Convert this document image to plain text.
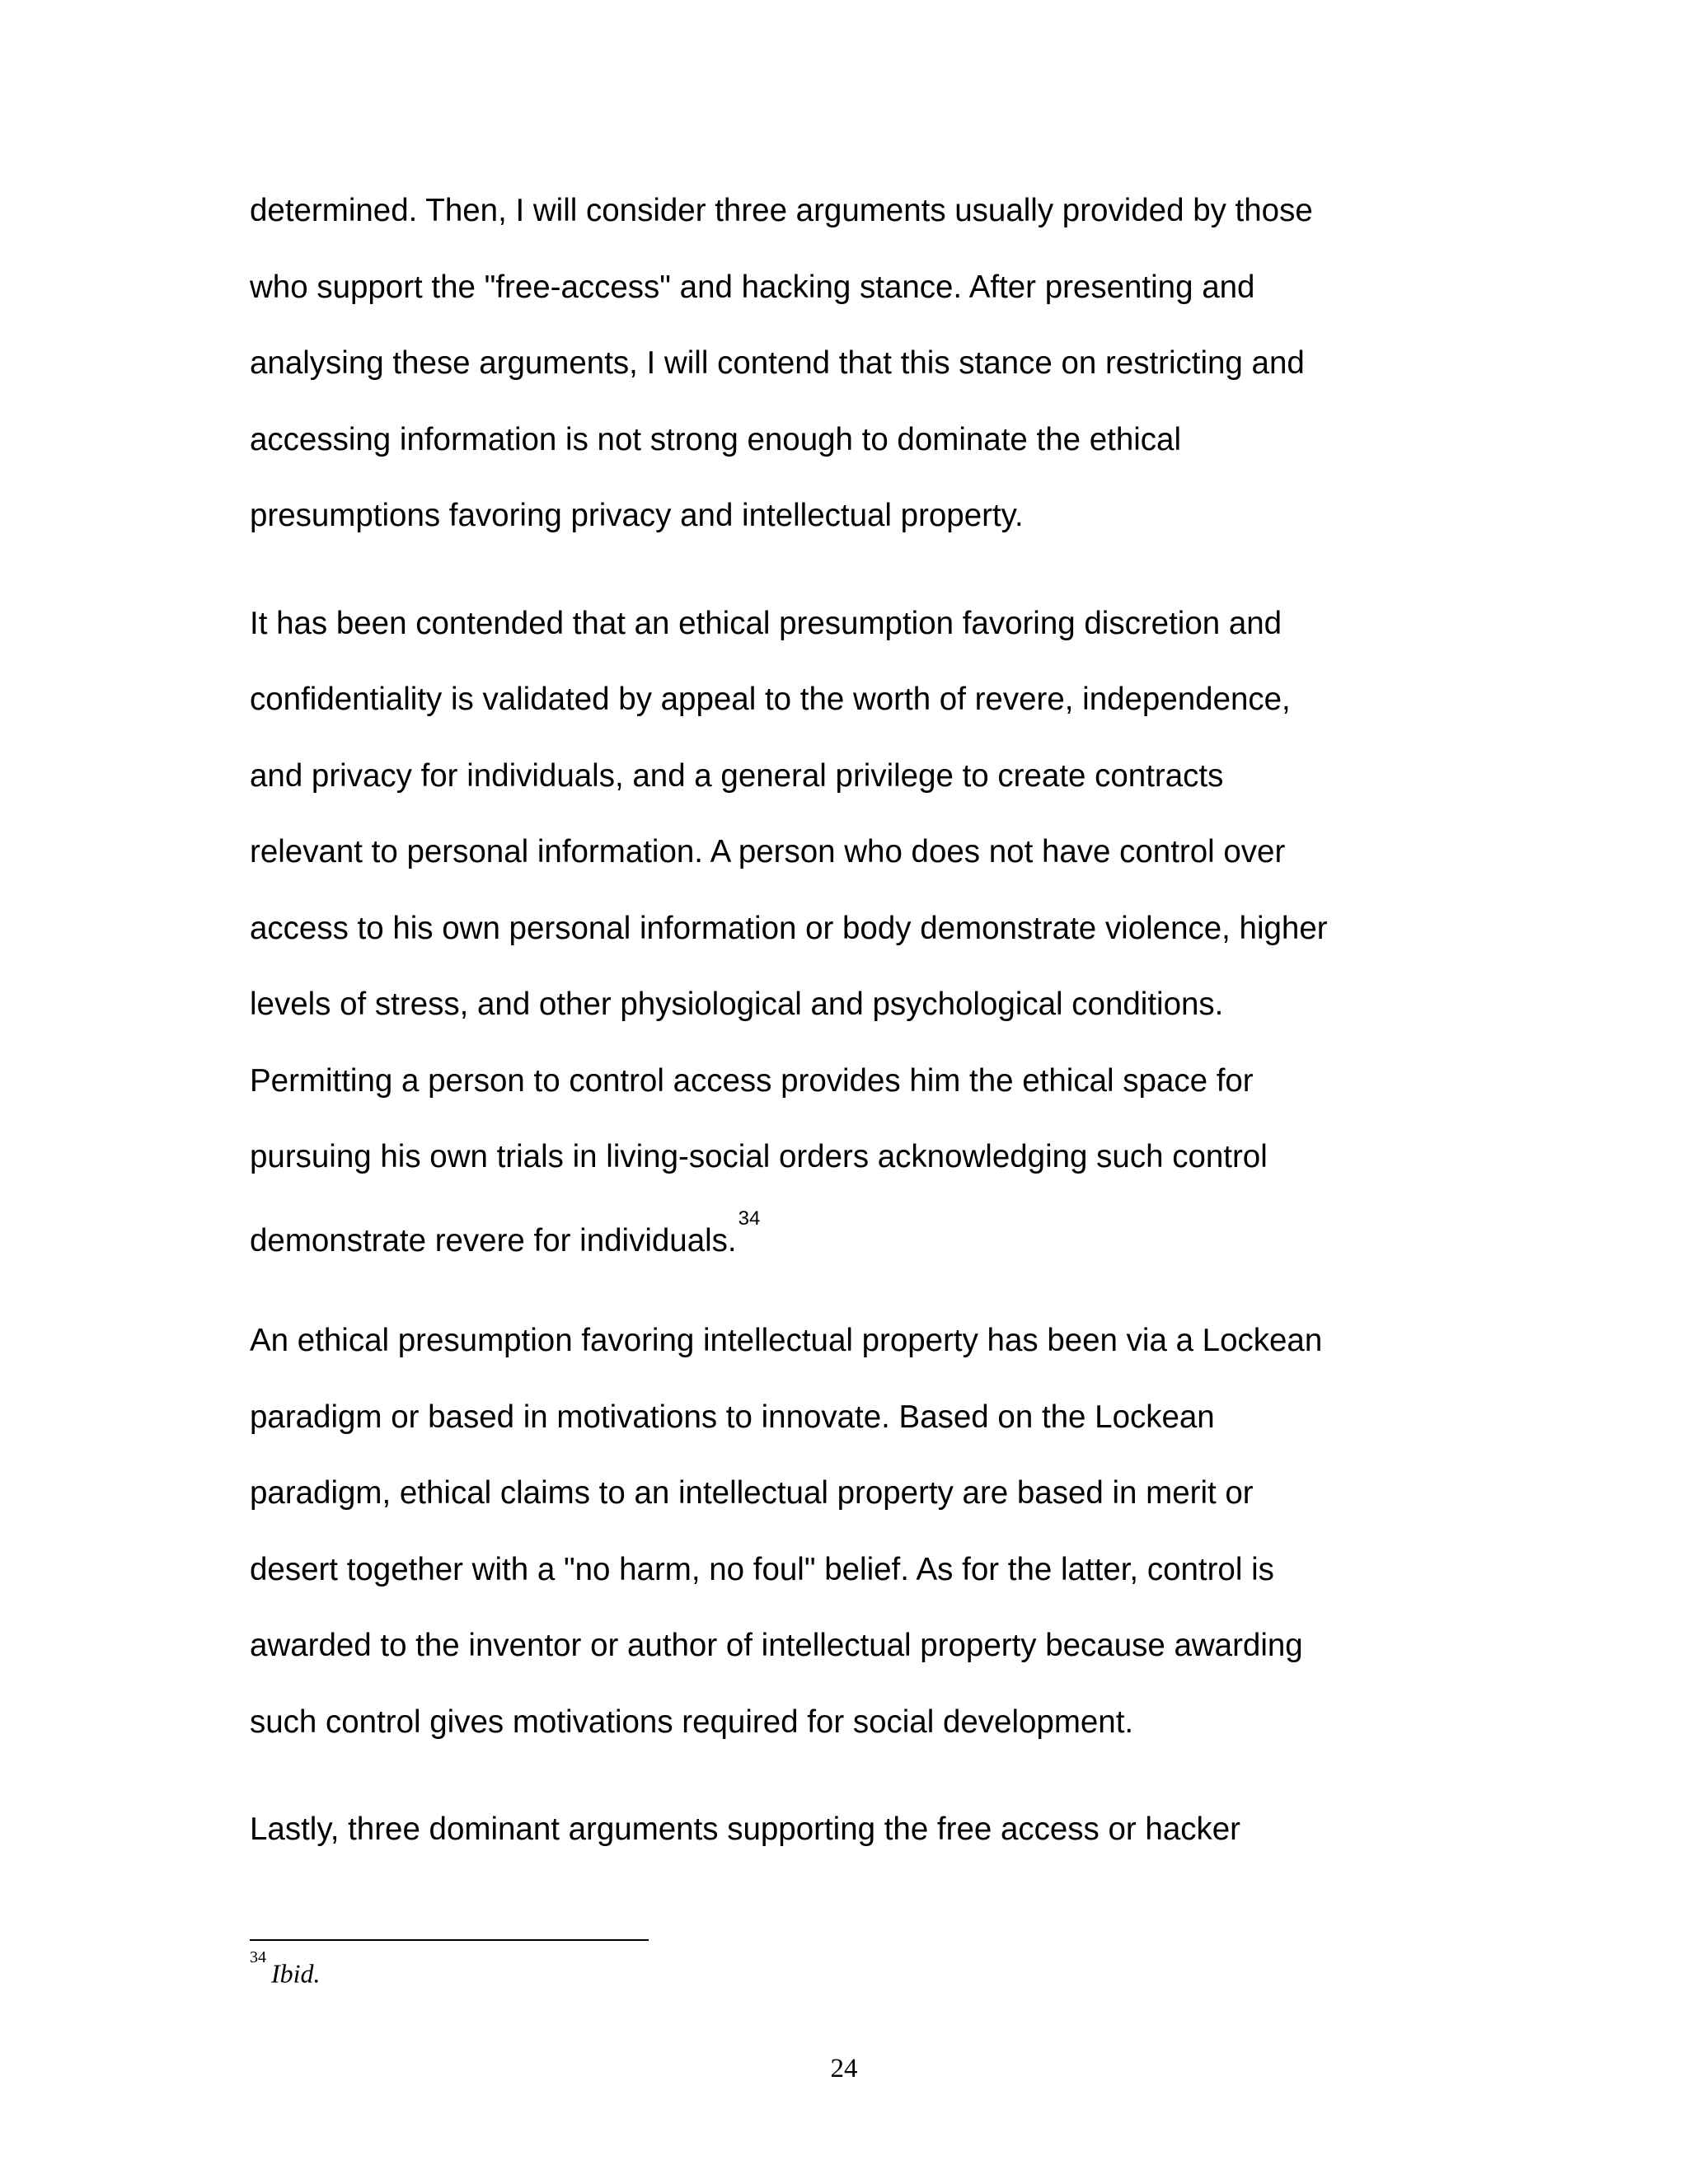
determined. Then, I will consider three arguments usually provided by those
who support the "free-access" and hacking stance. After presenting and
analysing these arguments, I will contend that this stance on restricting and
accessing information is not strong enough to dominate the ethical
presumptions favoring privacy and intellectual property.

It has been contended that an ethical presumption favoring discretion and
confidentiality is validated by appeal to the worth of revere, independence,
and privacy for individuals, and a general privilege to create contracts
relevant to personal information. A person who does not have control over
access to his own personal information or body demonstrate violence, higher
levels of stress, and other physiological and psychological conditions.
Permitting a person to control access provides him the ethical space for
pursuing his own trials in living-social orders acknowledging such control
demonstrate revere for individuals.$^{34}$

An ethical presumption favoring intellectual property has been via a Lockean
paradigm or based in motivations to innovate. Based on the Lockean
paradigm, ethical claims to an intellectual property are based in merit or
desert together with a "no harm, no foul" belief. As for the latter, control is
awarded to the inventor or author of intellectual property because awarding
such control gives motivations required for social development.

Lastly, three dominant arguments supporting the free access or hacker

$^{34}$Ibid.
24
